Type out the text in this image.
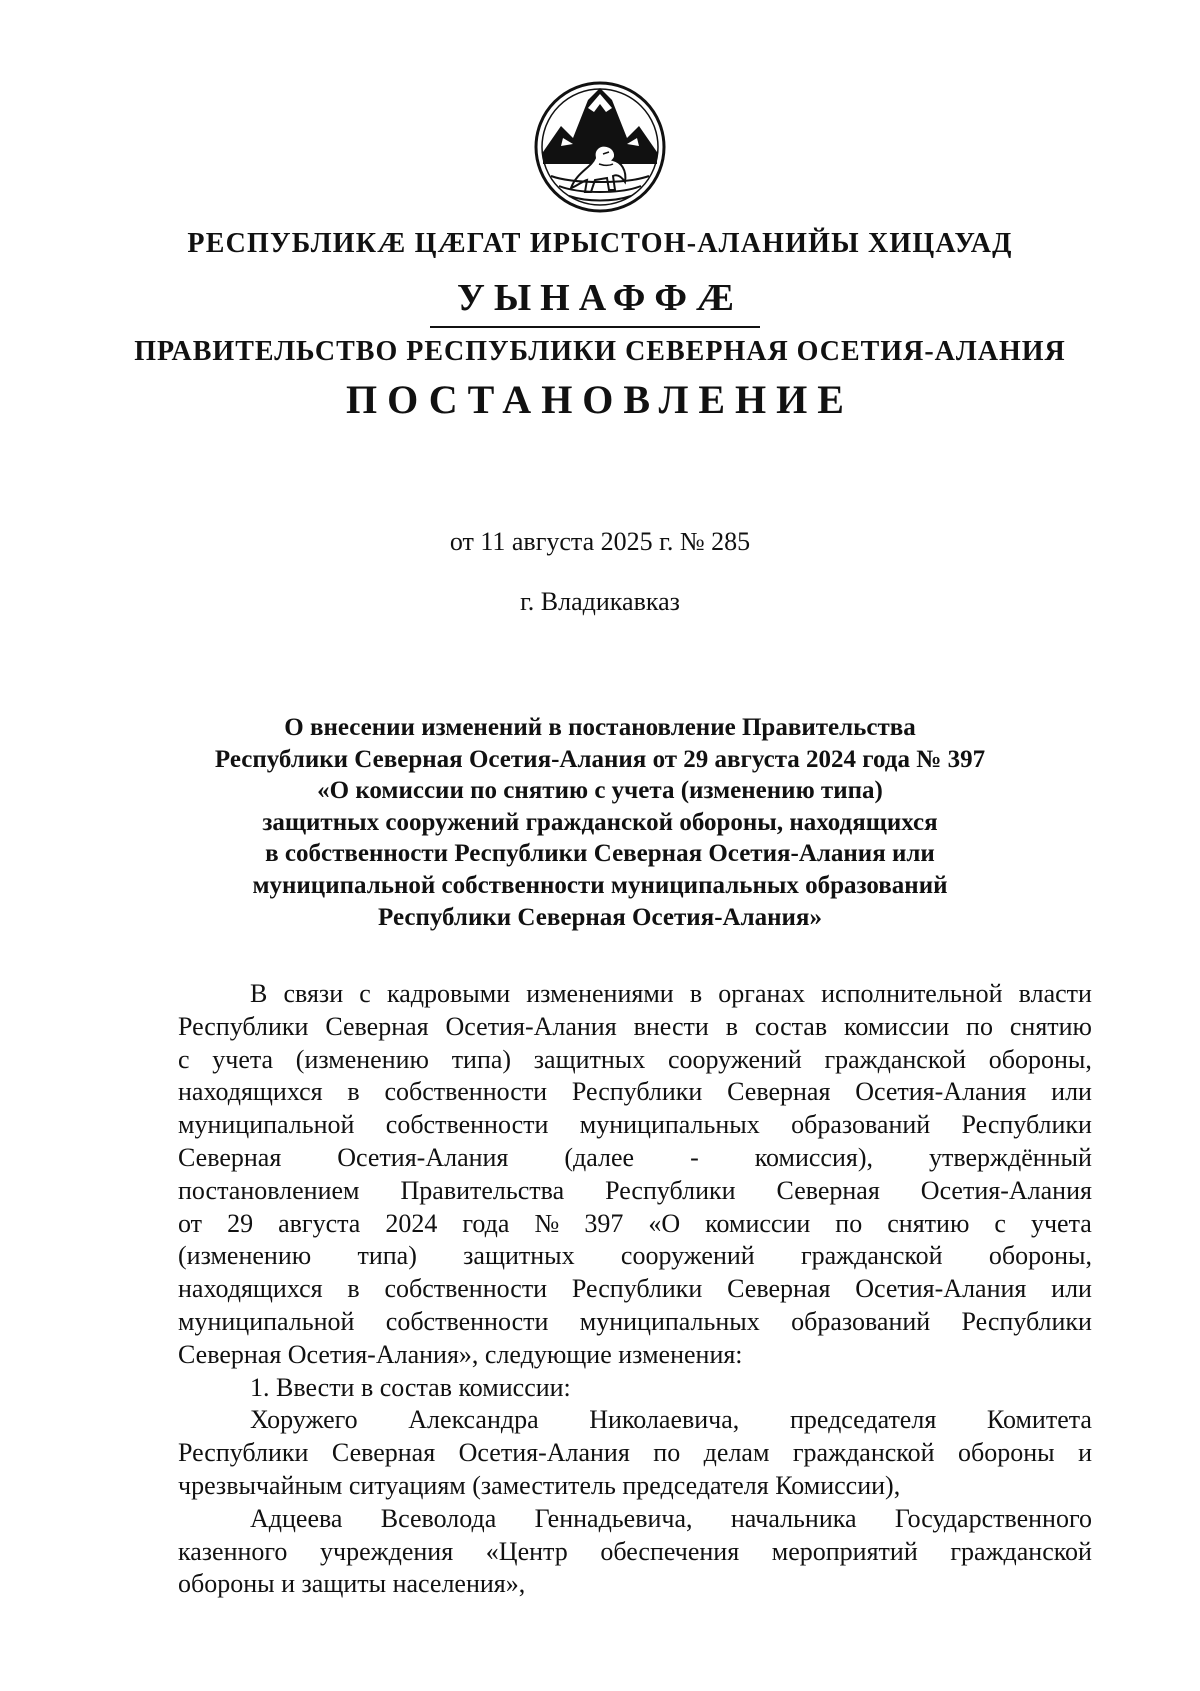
РЕСПУБЛИКÆ ЦÆГАТ ИРЫСТОН-АЛАНИЙЫ ХИЦАУАД
УЫНАФФÆ
ПРАВИТЕЛЬСТВО РЕСПУБЛИКИ СЕВЕРНАЯ ОСЕТИЯ-АЛАНИЯ
ПОСТАНОВЛЕНИЕ
от 11 августа 2025 г. № 285
г. Владикавказ
О внесении изменений в постановление Правительства
Республики Северная Осетия-Алания от 29 августа 2024 года № 397
«О комиссии по снятию с учета (изменению типа)
защитных сооружений гражданской обороны, находящихся
в собственности Республики Северная Осетия-Алания или
муниципальной собственности муниципальных образований
Республики Северная Осетия-Алания»
В связи с кадровыми изменениями в органах исполнительной власти
Республики Северная Осетия-Алания внести в состав комиссии по снятию
с учета (изменению типа) защитных сооружений гражданской обороны,
находящихся в собственности Республики Северная Осетия-Алания или
муниципальной собственности муниципальных образований Республики
Северная Осетия-Алания (далее - комиссия), утверждённый
постановлением Правительства Республики Северная Осетия-Алания
от 29 августа 2024 года № 397 «О комиссии по снятию с учета
(изменению типа) защитных сооружений гражданской обороны,
находящихся в собственности Республики Северная Осетия-Алания или
муниципальной собственности муниципальных образований Республики
Северная Осетия-Алания», следующие изменения:
1. Ввести в состав комиссии:
Хоружего Александра Николаевича, председателя Комитета
Республики Северная Осетия-Алания по делам гражданской обороны и
чрезвычайным ситуациям (заместитель председателя Комиссии),
Адцеева Всеволода Геннадьевича, начальника Государственного
казенного учреждения «Центр обеспечения мероприятий гражданской
обороны и защиты населения»,
